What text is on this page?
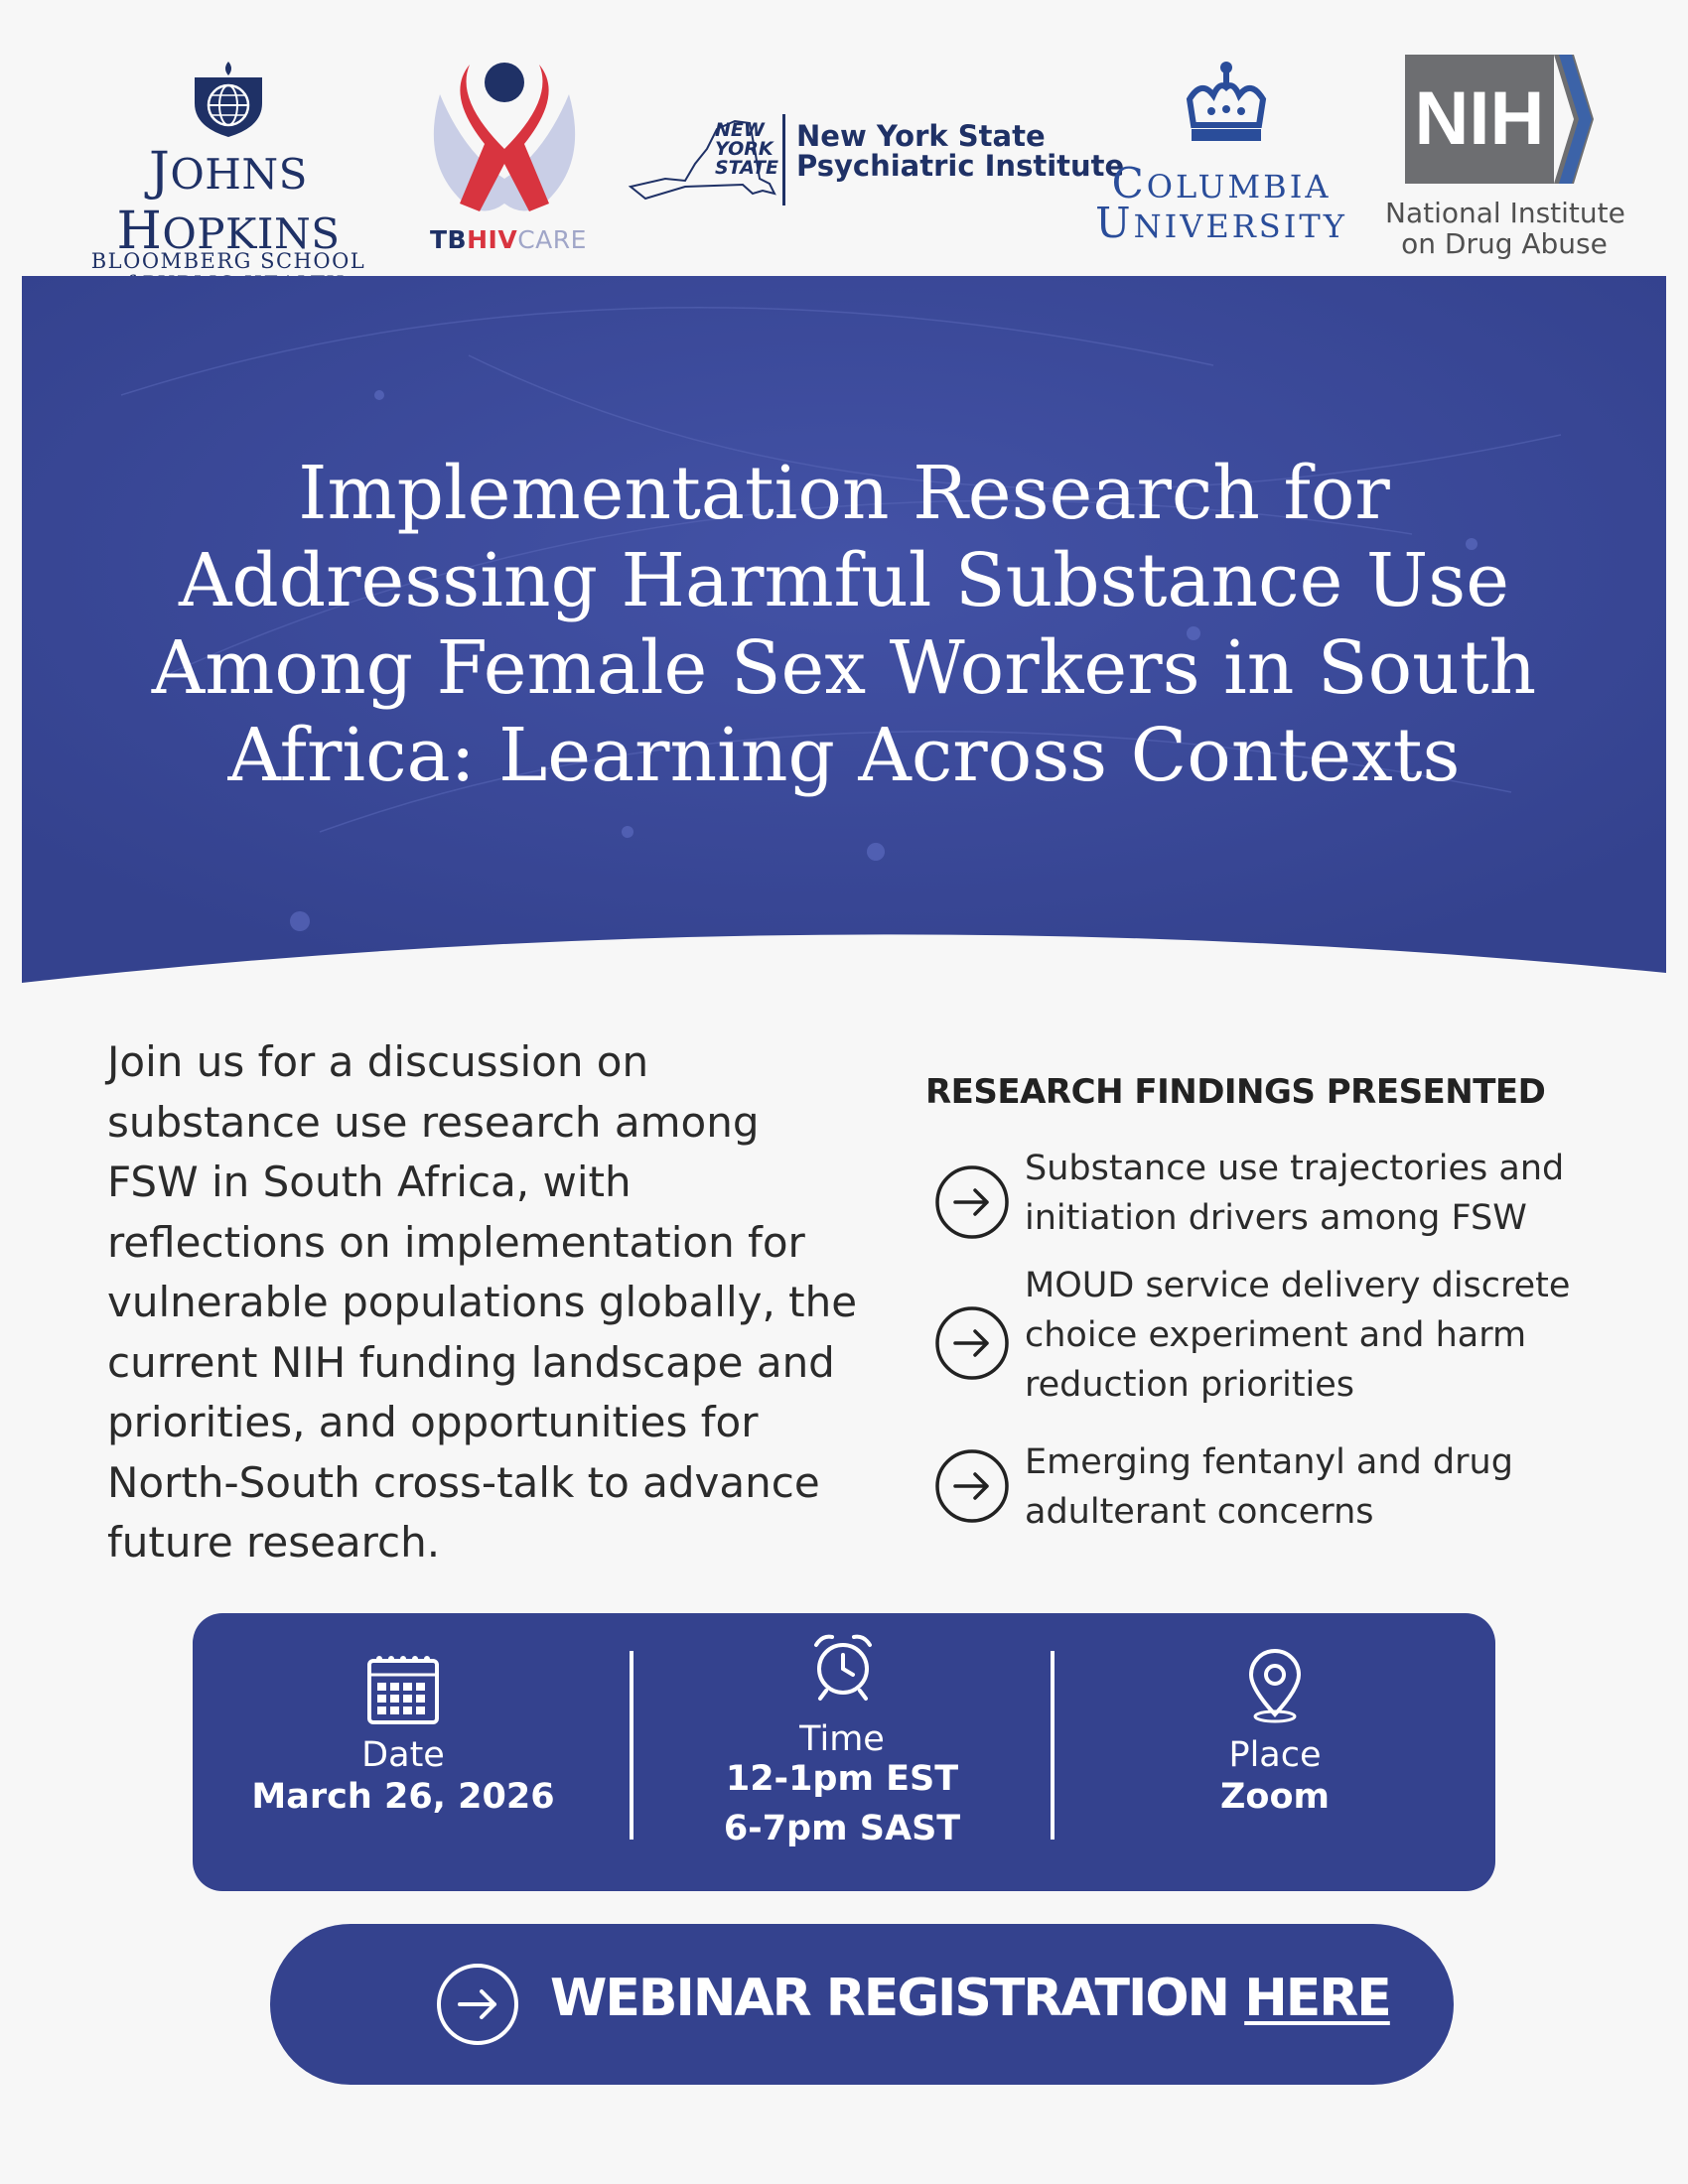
JOHNS HOPKINS
BLOOMBERG SCHOOL
TBHIVCARE
NEW
YORK
STATE
New York State
Psychiatric Institute
COLUMBIA
UNIVERSITY
NIH
National Institute
on Drug Abuse
Implementation Research for
Addressing Harmful Substance Use
Among Female Sex Workers in South
Africa: Learning Across Contexts
Join us for a discussion on
substance use research among
FSW in South Africa, with
reflections on implementation for
vulnerable populations globally, the
current NIH funding landscape and
priorities, and opportunities for
North-South cross-talk to advance
future research.
RESEARCH FINDINGS PRESENTED
Substance use trajectories and
initiation drivers among FSW
MOUD service delivery discrete
choice experiment and harm
reduction priorities
Emerging fentanyl and drug
adulterant concerns
Date
March 26, 2026
Time
12-1pm EST
6-7pm SAST
Place
Zoom
WEBINAR REGISTRATION HERE
